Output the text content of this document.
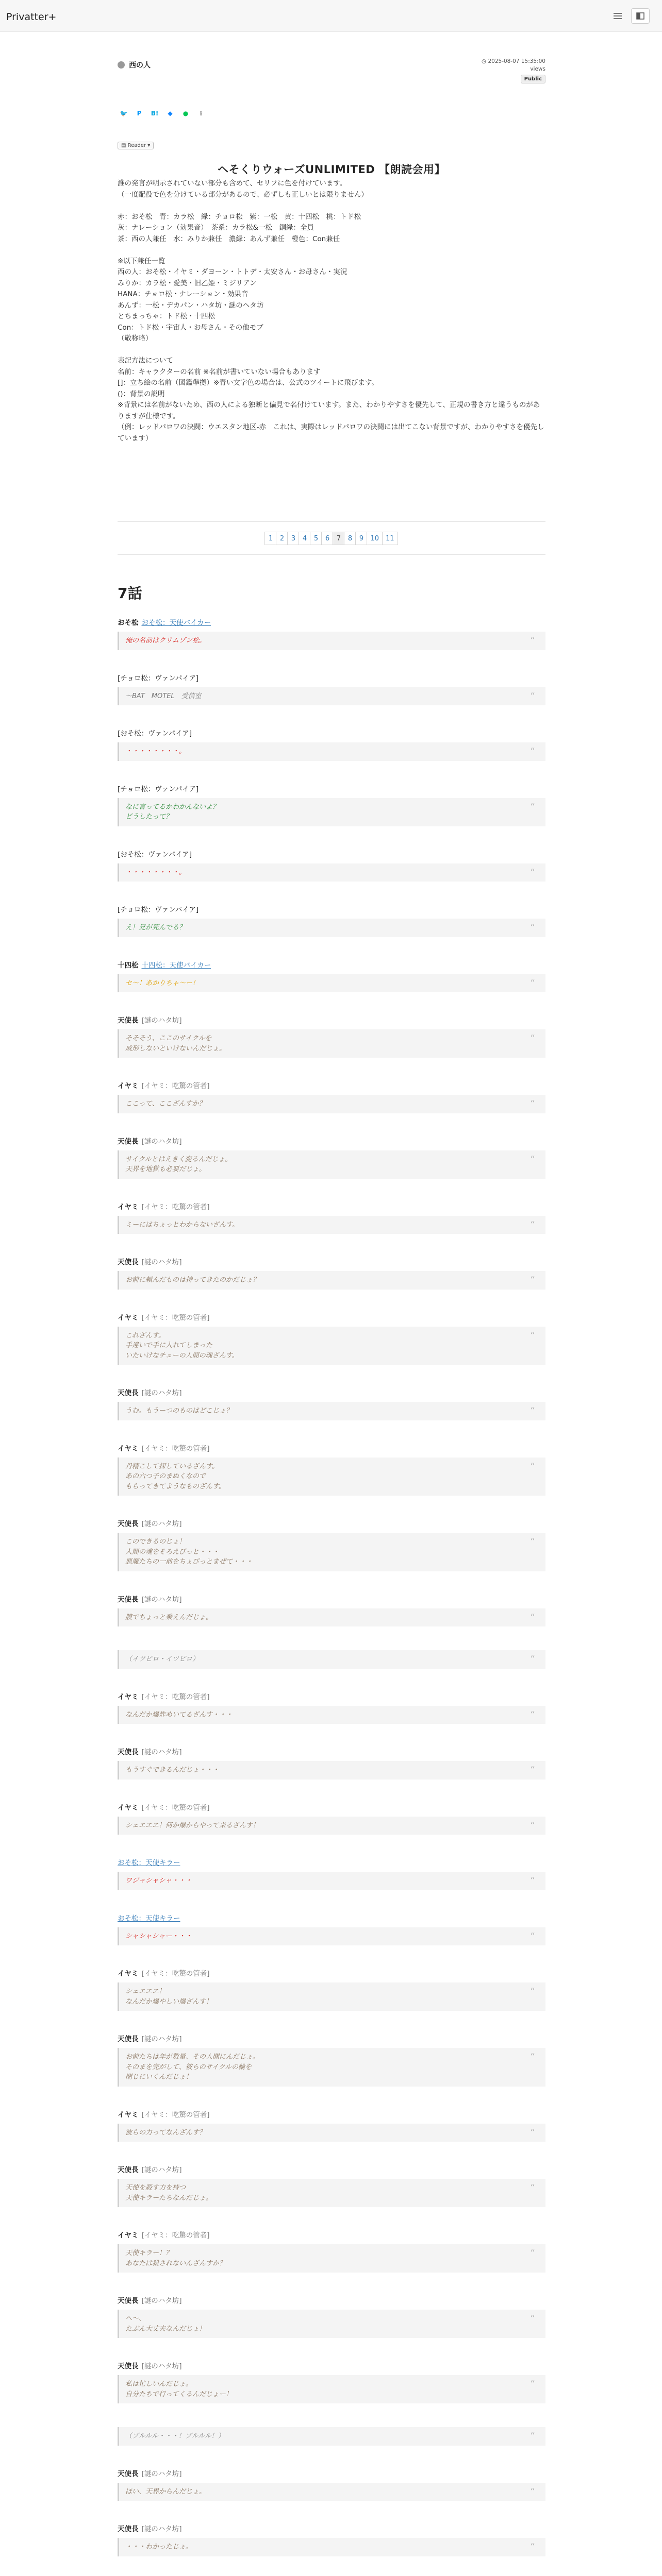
Privatter+
西の人	◷ 2025-08-07 15:35:00
views
Public
🐦 P	B! ◆ ● ⇪
▤ Reader ▾
ヘそくりウォーズUNLIMITED 【朗読会用】
誰の発言が明示されていない部分も含めて、セリフに色を付けています。
（一度配役で色を分けている部分があるので、必ずしも正しいとは限りません）

赤：おそ松　青：カラ松　緑：チョロ松　紫：一松　黄：十四松　桃：トド松
灰：ナレーション（効果音）　茶系：カラ松&一松　銅緑：全員
茶：西の人兼任　水：みりか兼任　濃緑：あんず兼任　橙色：Con兼任

※以下兼任一覧
西の人：おそ松・イヤミ・ダヨーン・トトデ・太安さん・お母さん・実況
みりか：カラ松・愛美・旧乙姫・ミジリアン
HANA：チョロ松・ナレーション・効果音
あんず：一松・デカパン・ハタ坊・謎のヘタ坊
とちまっちゃ：トド松・十四松
Con：トド松・宇宙人・お母さん・その他モブ
（敬称略）

表記方法について
名前：キャラクターの名前 ※名前が書いていない場合もあります
[]：立ち絵の名前（図鑑準拠）※青い文字色の場合は、公式のツイートに飛びます。
()：背景の説明
※背景には名前がないため、西の人による独断と偏見で名付けています。また、わかりやすさを優先して、正規の書き方と違うものがありますが仕様です。
（例：レッドパロワの決闘：ウエスタン地区-赤　これは、実際はレッドパロワの決闘には出てこない背景ですが、わかりやすさを優先しています）
1	2	3	4	5	6	7	8	9	10	11
7話
おそ松 おそ松：天使バイカー
俺の名前はクリムゾン松。	“
[チョロ松：ヴァンパイア]
～BAT　MOTEL　受信室	“
[おそ松：ヴァンパイア]
・・・・・・・・。	“
[チョロ松：ヴァンパイア]
なに言ってるかわかんないよ？
どうしたって？
“
[おそ松：ヴァンパイア]
・・・・・・・・。	“
[チョロ松：ヴァンパイア]
え！兄が死んでる？	“
十四松 十四松：天使バイカー
セ～！あかりちゃ～ー！	“
天使長 [謎のハタ坊]
そそそう、ここのサイクルを
成形しないといけないんだじょ。
“
イヤミ [イヤミ：吃驚の管者]
ここって、ここざんすか？	“
天使長 [謎のハタ坊]
サイクルとはえきく変るんだじょ。
天界を地獄も必要だじょ。
“
イヤミ [イヤミ：吃驚の管者]
ミーにはちょっとわからないざんす。	“
天使長 [謎のハタ坊]
お前に頼んだものは持ってきたのかだじょ？	“
イヤミ [イヤミ：吃驚の管者]
これざんす。
手違いで手に入れてしまった
いたいけなチューの人間の魂ざんす。
“
天使長 [謎のハタ坊]
うむ。もうーつのものはどこじょ？	“
イヤミ [イヤミ：吃驚の管者]
丹精こして探しているざんす。
あの六つ子のまぬくなので
もらってきてようなものざんす。
“
天使長 [謎のハタ坊]
このできるのじょ！
人間の魂をそろえびっと・・・
悪魔たちの一前をちょびっとまぜて・・・
“
天使長 [謎のハタ坊]
膜でちょっと乗えんだじょ。	“
（イツピロ・イツピロ）	“
イヤミ [イヤミ：吃驚の管者]
なんだか爆炸めいてるざんす・・・	“
天使長 [謎のハタ坊]
もうすぐできるんだじょ・・・	“
イヤミ [イヤミ：吃驚の管者]
シェエエエ！何か爆からやって来るざんす！	“
おそ松：天使キラー
ワジャシャシャ・・・	“
おそ松：天使キラー
シャシャシャー・・・	“
イヤミ [イヤミ：吃驚の管者]
シェエエエ！
なんだか爆やしい爆ざんす！
“
天使長 [謎のハタ坊]
お前たちは年が数量、その人間にんだじょ。
そのまを完がして、彼らのサイクルの輪を
閉じにいくんだじょ！
“
イヤミ [イヤミ：吃驚の管者]
彼らの力ってなんざんす？	“
天使長 [謎のハタ坊]
天使を殺す力を持つ
天使キラーたちなんだじょ。
“
イヤミ [イヤミ：吃驚の管者]
天使キラー！？
あなたは殺されないんざんすか？
“
天使長 [謎のハタ坊]
へ～、
たぶん大丈夫なんだじょ！
“
天使長 [謎のハタ坊]
私は忙しいんだじょ。
自分たちで行ってくるんだじょー！
“
（ブルルル・・・！ブルルル！）	“
天使長 [謎のハタ坊]
ほい、天界からんだじょ。	“
天使長 [謎のハタ坊]
・・・わかったじょ。	“
